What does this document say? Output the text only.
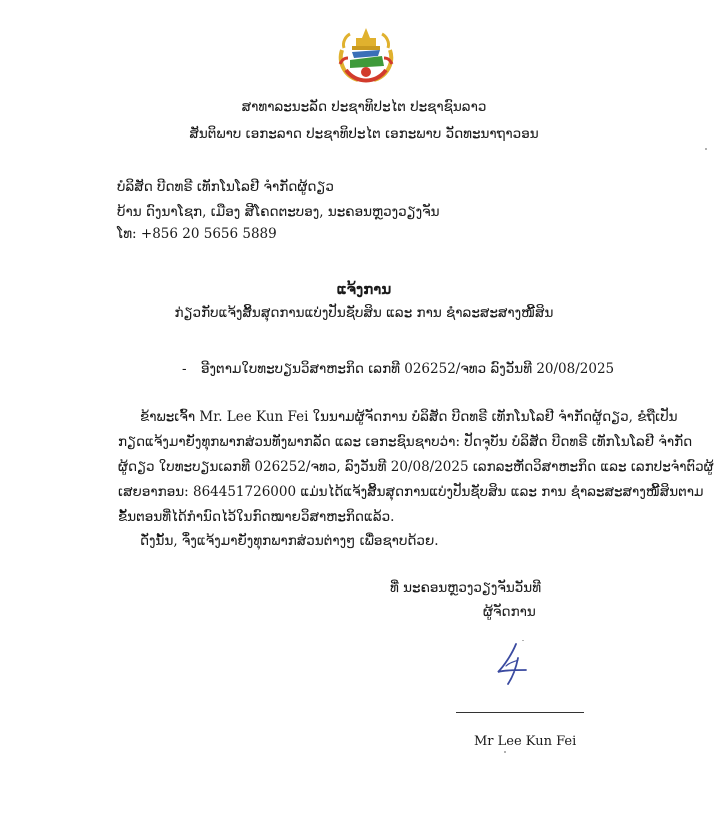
ສາທາລະນະລັດ ປະຊາທິປະໄຕ ປະຊາຊົນລາວ
ສັນຕິພາບ ເອກະລາດ ປະຊາທິປະໄຕ ເອກະພາບ ວັດທະນາຖາວອນ
ບໍລິສັດ ບີດທຣີ ເທັກໂນໂລຢີ ຈຳກັດຜູ້ດຽວ
ບ້ານ ດົງນາໂຊກ, ເມືອງ ສີໂຄດຕະບອງ, ນະຄອນຫຼວງວຽງຈັນ
ໂທ: +856 20 5656 5889
ແຈ້ງການ
ກ່ຽວກັບແຈ້ງສິ້ນສຸດການແບ່ງປັນຊັບສິນ ແລະ ການ ຊໍາລະສະສາງໜີ້ສິນ
- ອີງຕາມໃບທະບຽນວິສາຫະກິດ ເລກທີ 026252/ຈທວ ລົງວັນທີ 20/08/2025
ຂ້າພະເຈົ້າ Mr. Lee Kun Fei ໃນນາມຜູ້ຈັດການ ບໍລິສັດ ບີດທຣີ ເທັກໂນໂລຢີ ຈຳກັດຜູ້ດຽວ, ຂໍຖືເປັນ
ກຽດແຈ້ງມາຍັງທຸກພາກສ່ວນທັງພາກລັດ ແລະ ເອກະຊົນຊາບວ່າ: ປັດຈຸບັນ ບໍລິສັດ ບີດທຣີ ເທັກໂນໂລຢີ ຈຳກັດ
ຜູ້ດຽວ ໃບທະບຽນເລກທີ 026252/ຈທວ, ລົງວັນທີ 20/08/2025 ເລກລະຫັດວິສາຫະກິດ ແລະ ເລກປະຈຳຕົວຜູ້
ເສຍອາກອນ: 864451726000 ແມ່ນໄດ້ແຈ້ງສິ້ນສຸດການແບ່ງປັນຊັບສິນ ແລະ ການ ຊໍາລະສະສາງໜີ້ສິນຕາມ
ຂັ້ນຕອນທີ່ໄດ້ກຳນົດໄວ້ໃນກົດໝາຍວິສາຫະກິດແລ້ວ.
ດັ່ງນັ້ນ, ຈຶ່ງແຈ້ງມາຍັງທຸກພາກສ່ວນຕ່າງໆ ເພື່ອຊາບດ້ວຍ.
ທີ່ ນະຄອນຫຼວງວຽງຈັນວັນທີ
ຜູ້ຈັດການ
Mr Lee Kun Fei
